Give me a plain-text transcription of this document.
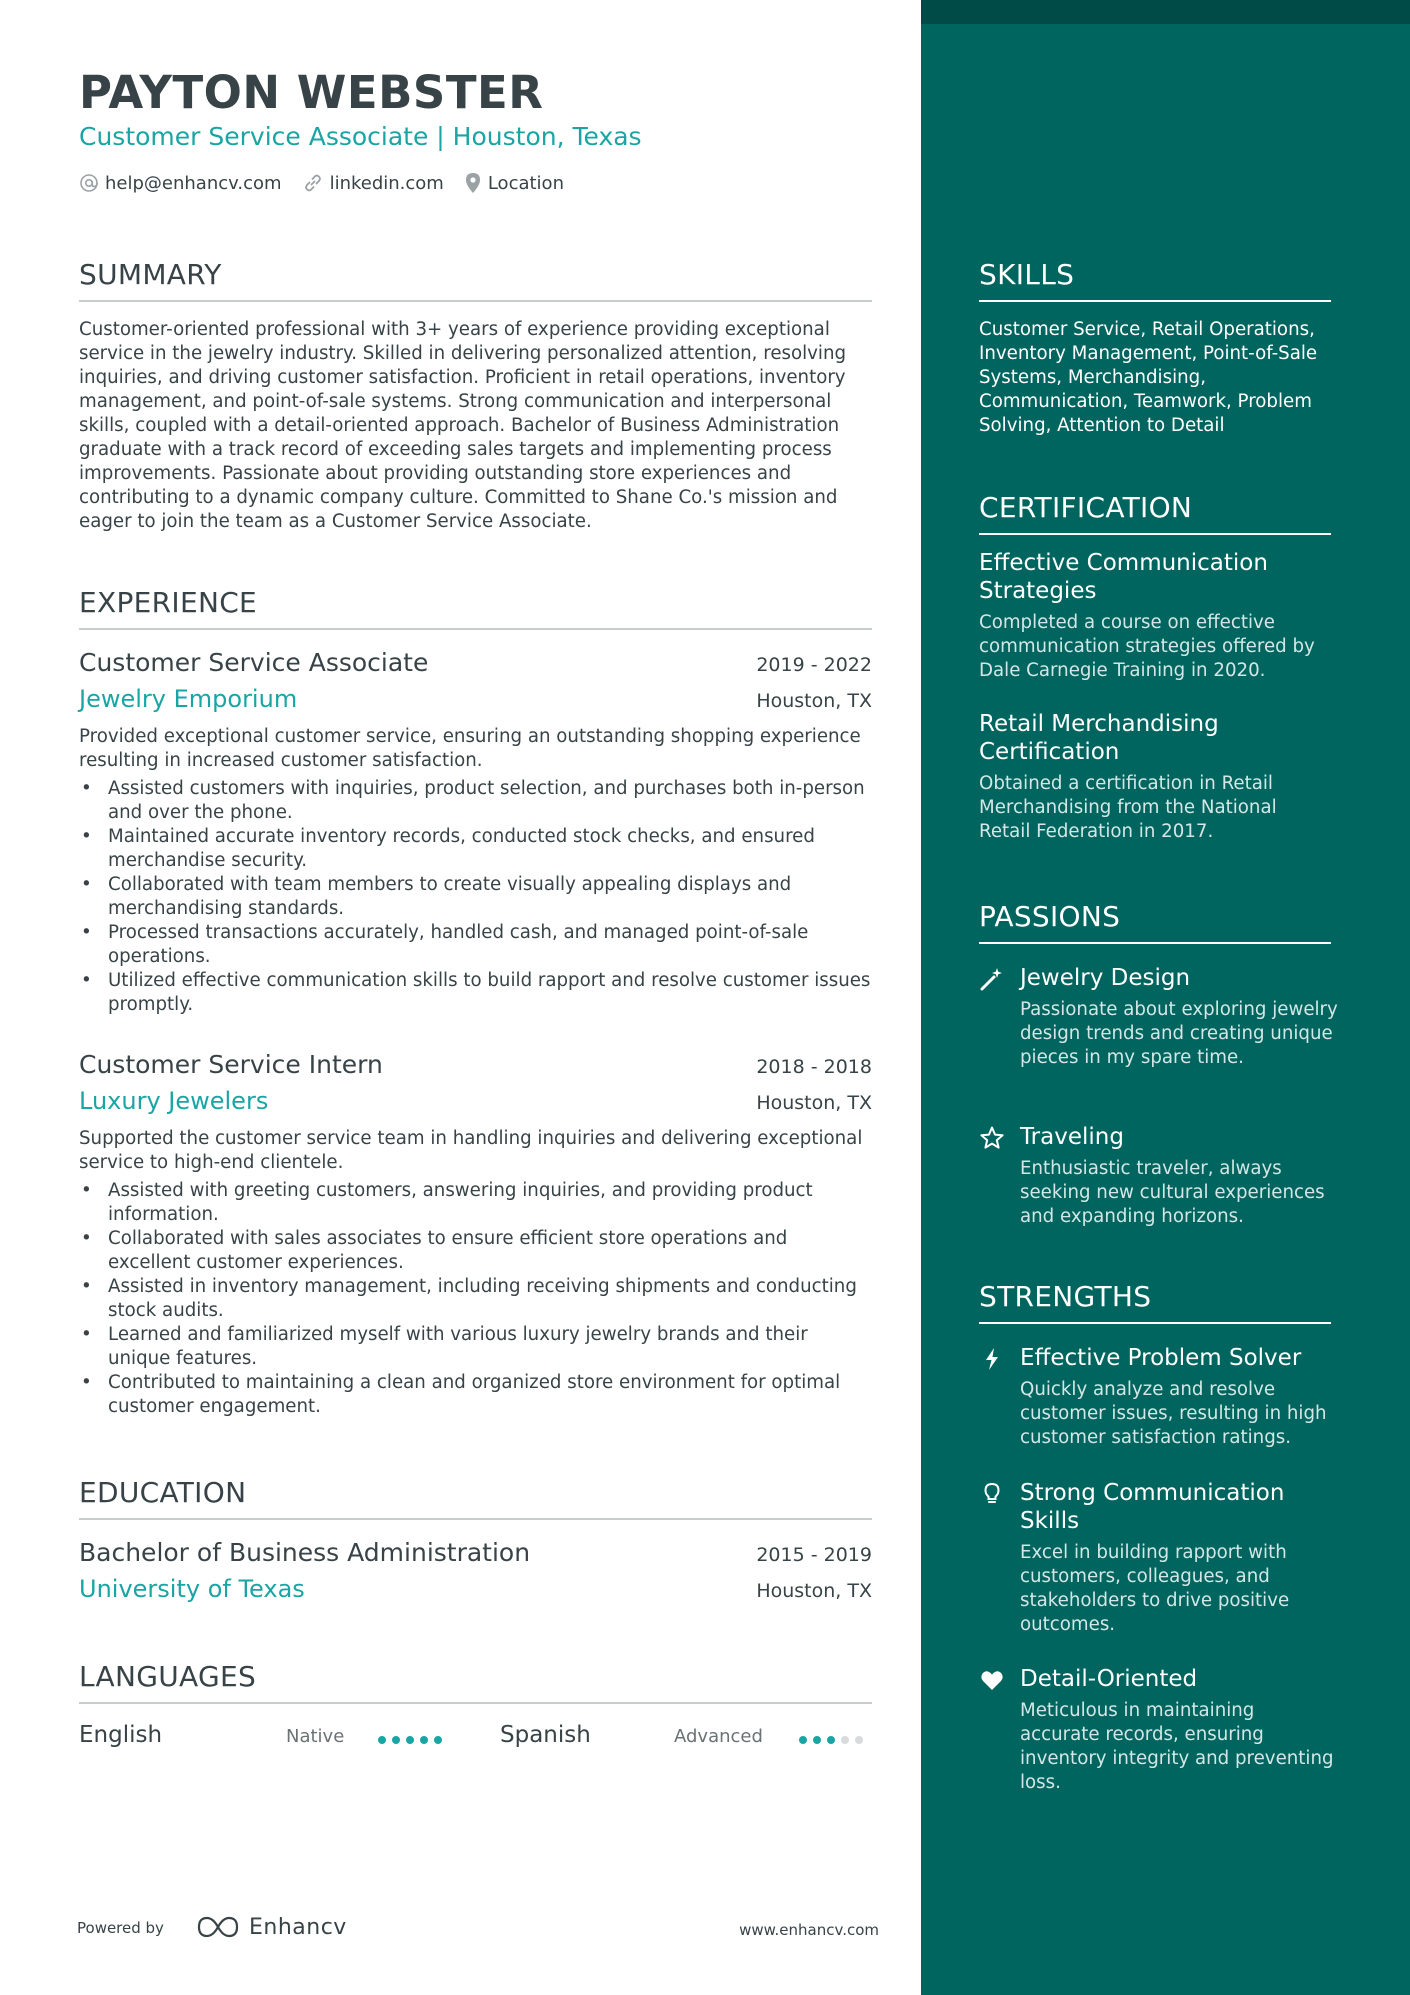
PAYTON WEBSTER
Customer Service Associate | Houston, Texas
help@enhancv.com	linkedin.com Location
SUMMARY
Customer-oriented professional with 3+ years of experience providing exceptional service in the jewelry industry. Skilled in delivering personalized attention, resolving inquiries, and driving customer satisfaction. Proficient in retail operations, inventory management, and point-of-sale systems. Strong communication and interpersonal skills, coupled with a detail-oriented approach. Bachelor of Business Administration graduate with a track record of exceeding sales targets and implementing process improvements. Passionate about providing outstanding store experiences and contributing to a dynamic company culture. Committed to Shane Co.'s mission and eager to join the team as a Customer Service Associate.
EXPERIENCE
Customer Service Associate	2019 - 2022
Jewelry Emporium	Houston, TX
Provided exceptional customer service, ensuring an outstanding shopping experience resulting in increased customer satisfaction.
• Assisted customers with inquiries, product selection, and purchases both in-person and over the phone.
• Maintained accurate inventory records, conducted stock checks, and ensured merchandise security.
• Collaborated with team members to create visually appealing displays and merchandising standards.
• Processed transactions accurately, handled cash, and managed point-of-sale operations.
• Utilized effective communication skills to build rapport and resolve customer issues promptly.
Customer Service Intern	2018 - 2018
Luxury Jewelers	Houston, TX
Supported the customer service team in handling inquiries and delivering exceptional service to high-end clientele.
• Assisted with greeting customers, answering inquiries, and providing product information.
• Collaborated with sales associates to ensure efficient store operations and excellent customer experiences.
• Assisted in inventory management, including receiving shipments and conducting stock audits.
• Learned and familiarized myself with various luxury jewelry brands and their unique features.
• Contributed to maintaining a clean and organized store environment for optimal customer engagement.
EDUCATION
Bachelor of Business Administration	2015 - 2019
University of Texas	Houston, TX
LANGUAGES
English	Native	Spanish	Advanced
Powered by	Enhancv	www.enhancv.com
SKILLS
Customer Service, Retail Operations, Inventory Management, Point-of-Sale Systems, Merchandising, Communication, Teamwork, Problem Solving, Attention to Detail
CERTIFICATION
Effective Communication Strategies
Completed a course on effective communication strategies offered by Dale Carnegie Training in 2020.
Retail Merchandising Certification
Obtained a certification in Retail Merchandising from the National Retail Federation in 2017.
PASSIONS
Jewelry Design
Passionate about exploring jewelry design trends and creating unique pieces in my spare time.
Traveling
Enthusiastic traveler, always seeking new cultural experiences and expanding horizons.
STRENGTHS
Effective Problem Solver
Quickly analyze and resolve customer issues, resulting in high customer satisfaction ratings.
Strong Communication Skills
Excel in building rapport with customers, colleagues, and stakeholders to drive positive outcomes.
Detail-Oriented
Meticulous in maintaining accurate records, ensuring inventory integrity and preventing loss.
